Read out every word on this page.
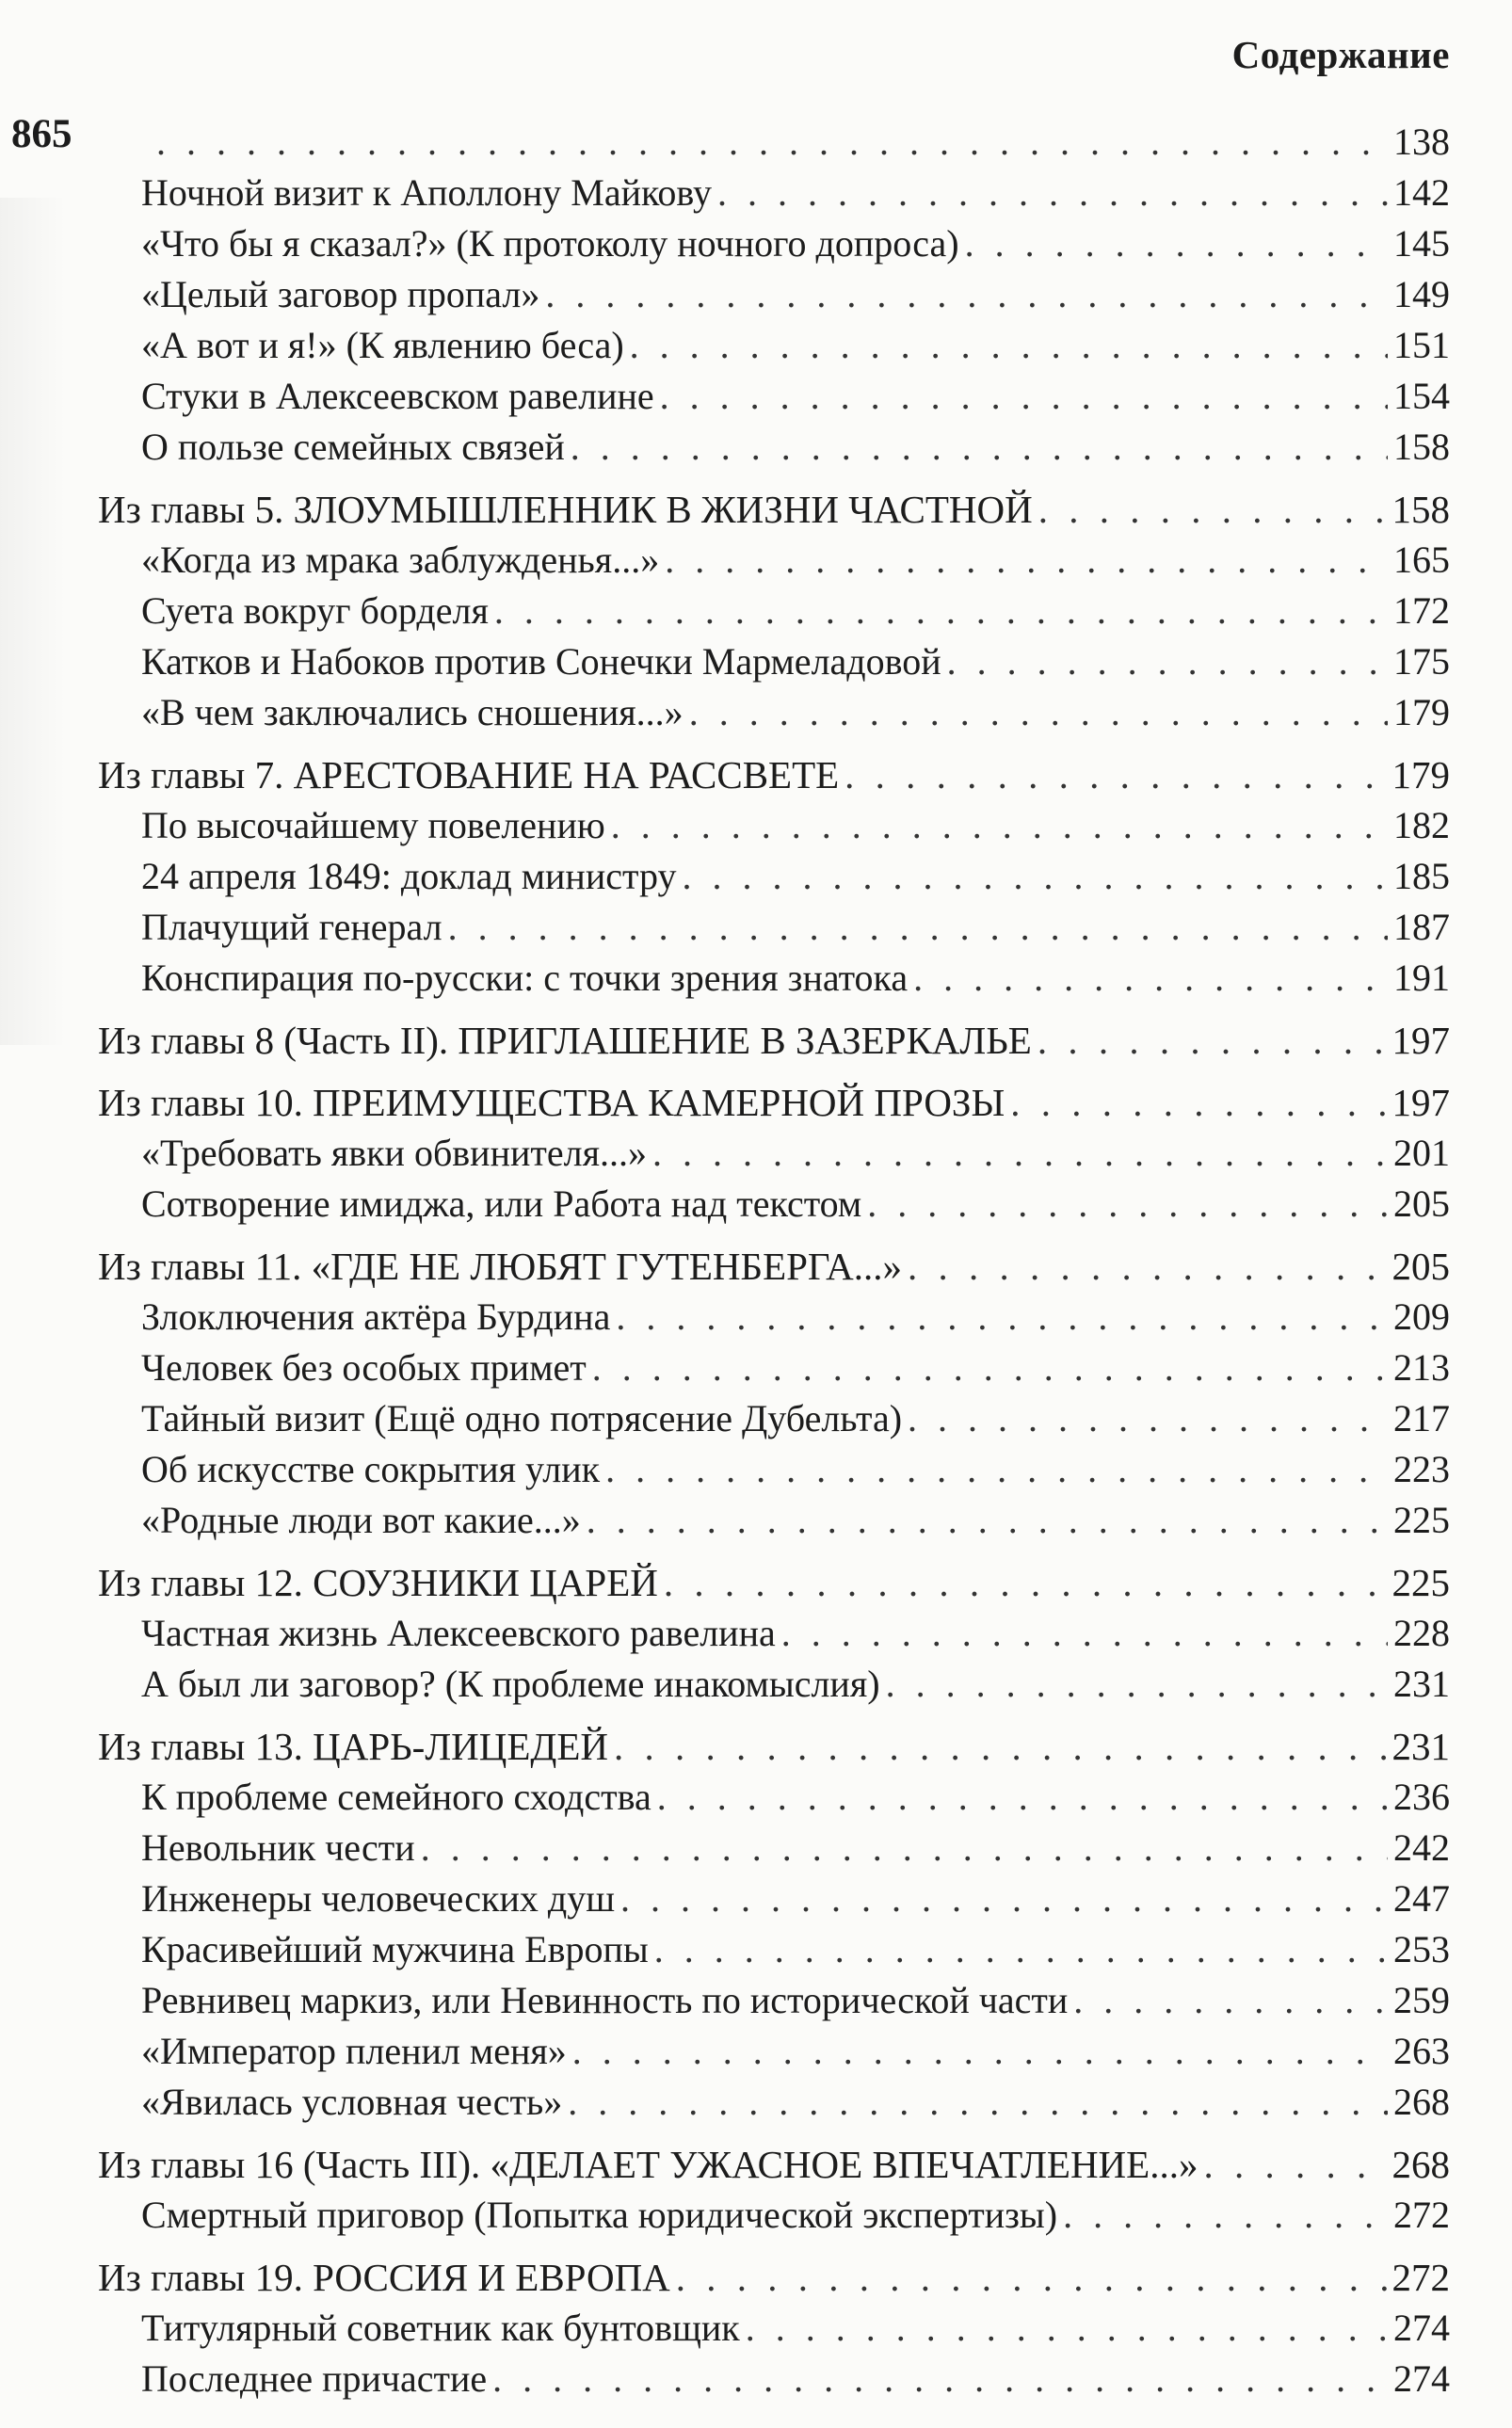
Содержание
865 . . .	138
Ночной визит к Аполлону Майкову . . .	142
«Что бы я сказал?» (К протоколу ночного допроса) . . .	145
«Целый заговор пропал» . . .	149
«А вот и я!» (К явлению беса) . . .	151
Стуки в Алексеевском равелине . . .	154
О пользе семейных связей . . .	158
Из главы 5. ЗЛОУМЫШЛЕННИК В ЖИЗНИ ЧАСТНОЙ . . .	158
«Когда из мрака заблужденья...» . . .	165
Суета вокруг борделя . . .	172
Катков и Набоков против Сонечки Мармеладовой . . .	175
«В чем заключались сношения...» . . .	179
Из главы 7. АРЕСТОВАНИЕ НА РАССВЕТЕ . . .	179
По высочайшему повелению . . .	182
24 апреля 1849: доклад министру . . .	185
Плачущий генерал . . .	187
Конспирация по-русски: с точки зрения знатока . . .	191
Из главы 8 (Часть II). ПРИГЛАШЕНИЕ В ЗАЗЕРКАЛЬЕ . . .	197
Из главы 10. ПРЕИМУЩЕСТВА КАМЕРНОЙ ПРОЗЫ . . .	197
«Требовать явки обвинителя...» . . .	201
Сотворение имиджа, или Работа над текстом . . .	205
Из главы 11. «ГДЕ НЕ ЛЮБЯТ ГУТЕНБЕРГА...» . . .	205
Злоключения актёра Бурдина . . .	209
Человек без особых примет . . .	213
Тайный визит (Ещё одно потрясение Дубельта) . . .	217
Об искусстве сокрытия улик . . .	223
«Родные люди вот какие...» . . .	225
Из главы 12. СОУЗНИКИ ЦАРЕЙ . . .	225
Частная жизнь Алексеевского равелина . . .	228
А был ли заговор? (К проблеме инакомыслия) . . .	231
Из главы 13. ЦАРЬ-ЛИЦЕДЕЙ . . .	231
К проблеме семейного сходства . . .	236
Невольник чести . . .	242
Инженеры человеческих душ . . .	247
Красивейший мужчина Европы . . .	253
Ревнивец маркиз, или Невинность по исторической части . . .	259
«Император пленил меня» . . .	263
«Явилась условная честь» . . .	268
Из главы 16 (Часть III). «ДЕЛАЕТ УЖАСНОЕ ВПЕЧАТЛЕНИЕ...» . . .	268
Смертный приговор (Попытка юридической экспертизы) . . .	272
Из главы 19. РОССИЯ И ЕВРОПА . . .	272
Титулярный советник как бунтовщик . . .	274
Последнее причастие . . .	274
